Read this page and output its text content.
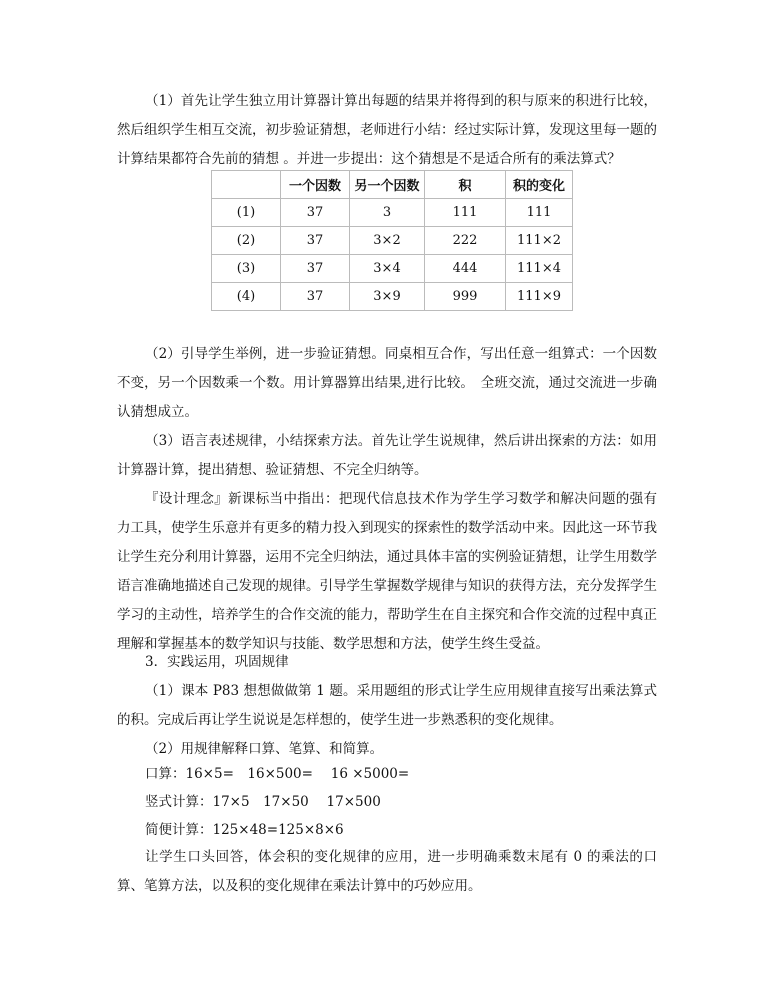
（1）首先让学生独立用计算器计算出每题的结果并将得到的积与原来的积进行比较，然后组织学生相互交流，初步验证猜想，老师进行小结：经过实际计算，发现这里每一题的计算结果都符合先前的猜想 。并进一步提出：这个猜想是不是适合所有的乘法算式？

	一个因数	另一个因数	积	积的变化
(1)	37	3	111	111
(2)	37	3×2	222	111×2
(3)	37	3×4	444	111×4
(4)	37	3×9	999	111×9

（2）引导学生举例，进一步验证猜想。同桌相互合作，写出任意一组算式：一个因数不变，另一个因数乘一个数。用计算器算出结果,进行比较。　全班交流，通过交流进一步确认猜想成立。

（3）语言表述规律，小结探索方法。首先让学生说规律，然后讲出探索的方法：如用计算器计算，提出猜想、验证猜想、不完全归纳等。

『设计理念』新课标当中指出：把现代信息技术作为学生学习数学和解决问题的强有力工具，使学生乐意并有更多的精力投入到现实的探索性的数学活动中来。因此这一环节我让学生充分利用计算器，运用不完全归纳法，通过具体丰富的实例验证猜想，让学生用数学语言准确地描述自己发现的规律。引导学生掌握数学规律与知识的获得方法，充分发挥学生学习的主动性，培养学生的合作交流的能力，帮助学生在自主探究和合作交流的过程中真正理解和掌握基本的数学知识与技能、数学思想和方法，使学生终生受益。

3．实践运用，巩固规律

（1）课本 P83 想想做做第 1 题。采用题组的形式让学生应用规律直接写出乘法算式的积。完成后再让学生说说是怎样想的，使学生进一步熟悉积的变化规律。

（2）用规律解释口算、笔算、和简算。

口算：16×5=　16×500=　 16 ×5000=

竖式计算：17×5　17×50　 17×500

简便计算：125×48=125×8×6

让学生口头回答，体会积的变化规律的应用，进一步明确乘数末尾有 0 的乘法的口算、笔算方法，以及积的变化规律在乘法计算中的巧妙应用。
